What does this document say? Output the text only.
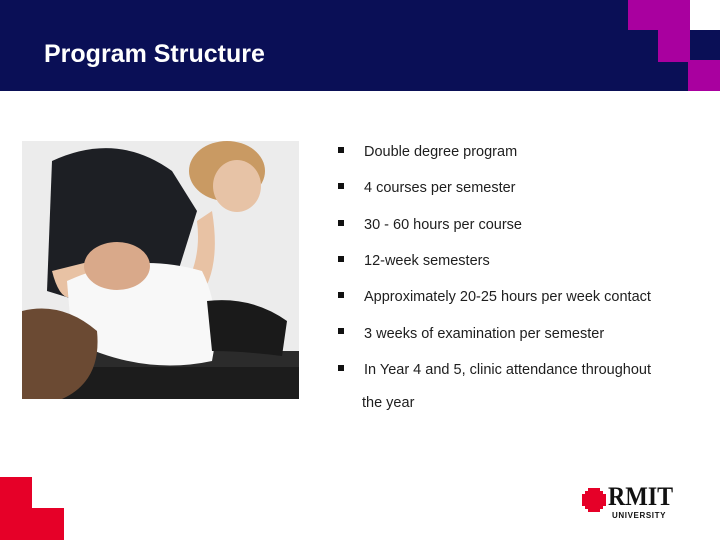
Program Structure
Double degree program
4 courses per semester
30 - 60 hours per course
12-week semesters
Approximately 20-25 hours per week contact
3 weeks of examination per semester
In Year 4 and 5, clinic attendance throughout
the year
RMIT
UNIVERSITY
